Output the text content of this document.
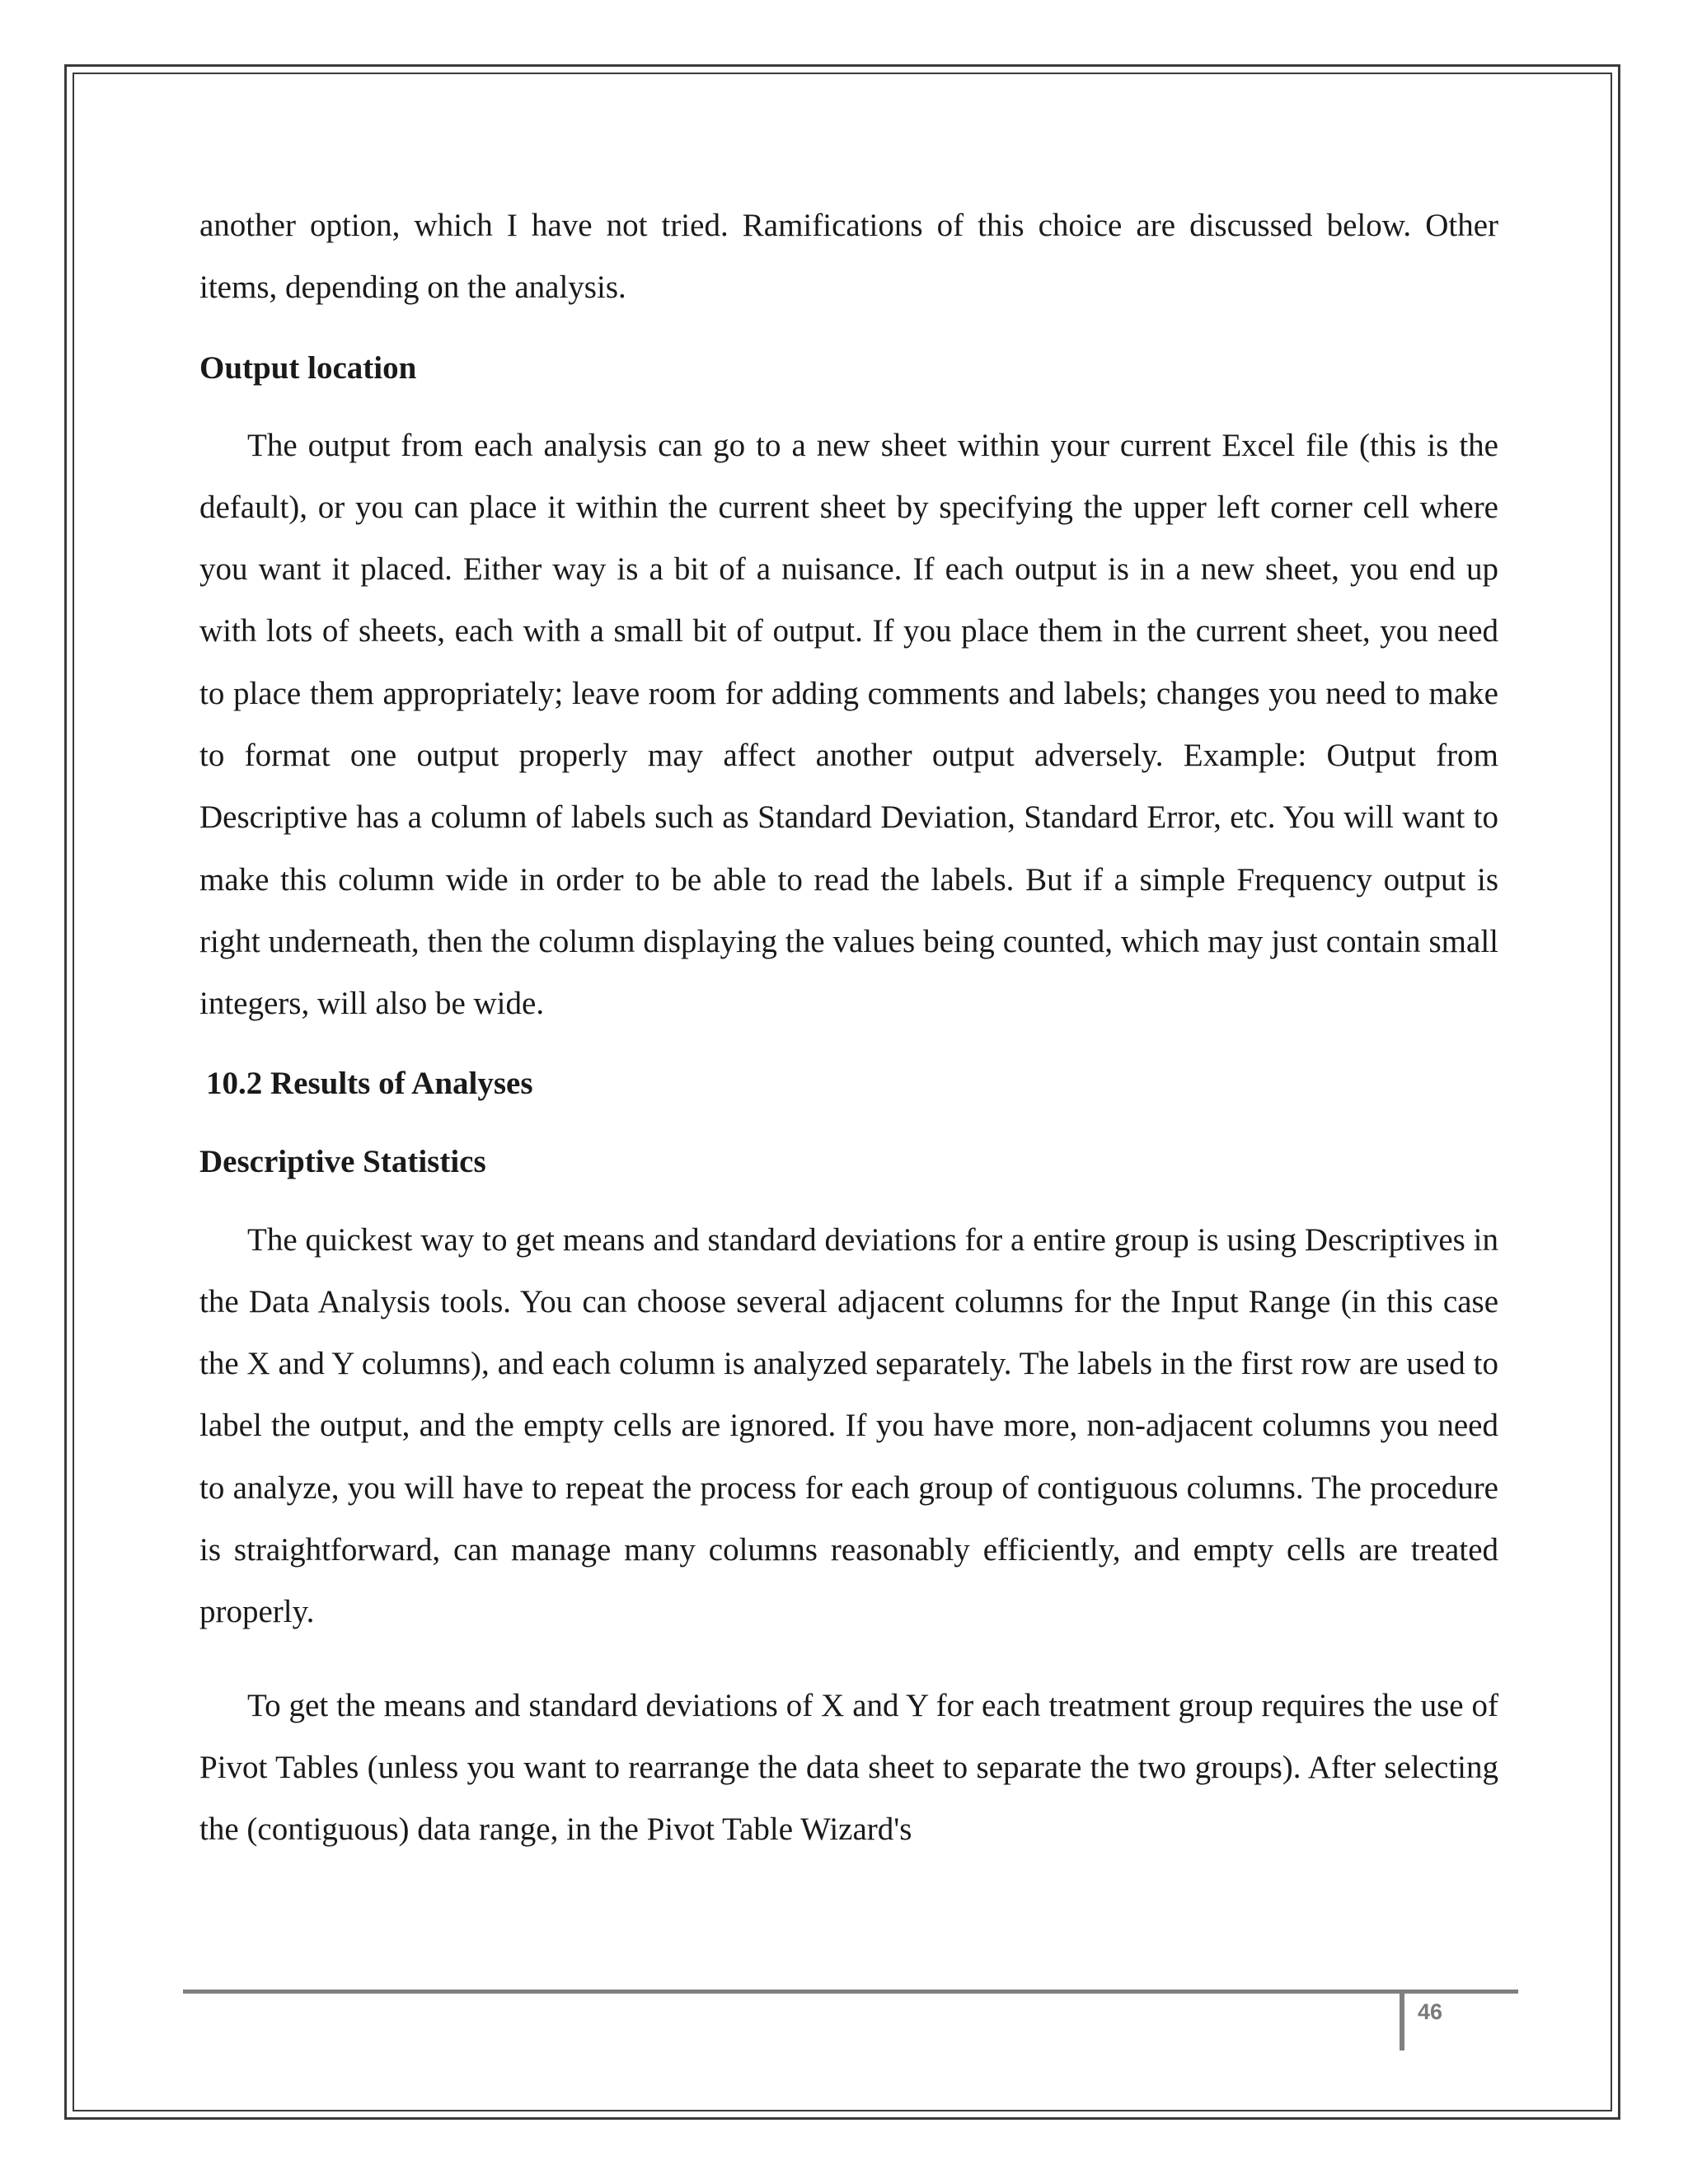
another option, which I have not tried. Ramifications of this choice are discussed below. Other items, depending on the analysis.

Output location

The output from each analysis can go to a new sheet within your current Excel file (this is the default), or you can place it within the current sheet by specifying the upper left corner cell where you want it placed. Either way is a bit of a nuisance. If each output is in a new sheet, you end up with lots of sheets, each with a small bit of output. If you place them in the current sheet, you need to place them appropriately; leave room for adding comments and labels; changes you need to make to format one output properly may affect another output adversely. Example: Output from Descriptive has a column of labels such as Standard Deviation, Standard Error, etc. You will want to make this column wide in order to be able to read the labels. But if a simple Frequency output is right underneath, then the column displaying the values being counted, which may just contain small integers, will also be wide.

10.2 Results of Analyses
Descriptive Statistics

The quickest way to get means and standard deviations for a entire group is using Descriptives in the Data Analysis tools. You can choose several adjacent columns for the Input Range (in this case the X and Y columns), and each column is analyzed separately. The labels in the first row are used to label the output, and the empty cells are ignored. If you have more, non-adjacent columns you need to analyze, you will have to repeat the process for each group of contiguous columns. The procedure is straightforward, can manage many columns reasonably efficiently, and empty cells are treated properly.

To get the means and standard deviations of X and Y for each treatment group requires the use of Pivot Tables (unless you want to rearrange the data sheet to separate the two groups). After selecting the (contiguous) data range, in the Pivot Table Wizard's

46
